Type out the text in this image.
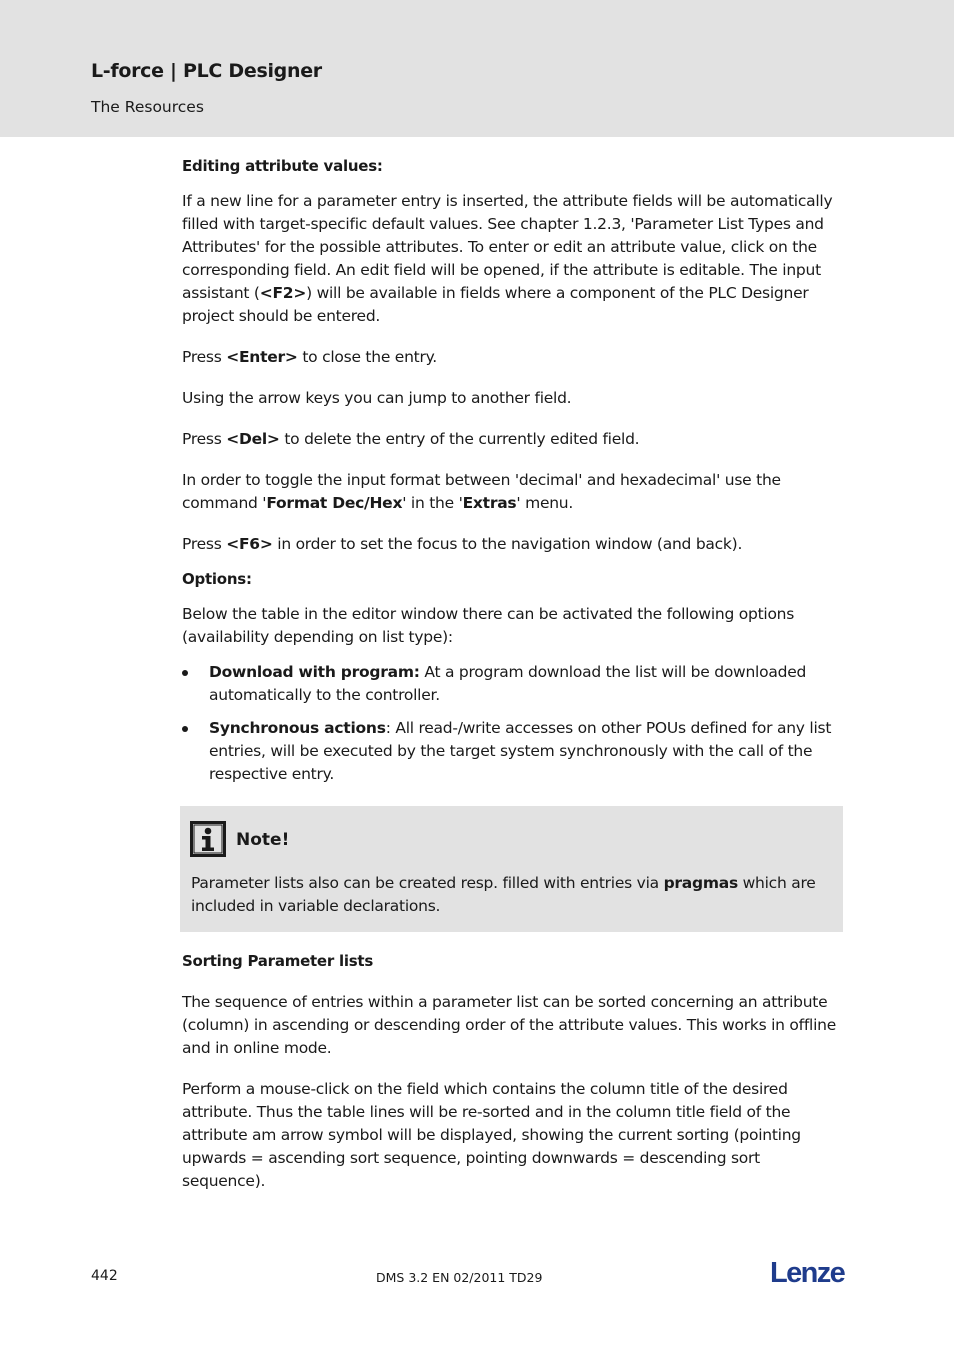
L-force | PLC Designer
The Resources

Editing attribute values:

If a new line for a parameter entry is inserted, the attribute fields will be automatically filled with target-specific default values. See chapter 1.2.3, 'Parameter List Types and Attributes' for the possible attributes. To enter or edit an attribute value, click on the corresponding field. An edit field will be opened, if the attribute is editable. The input assistant (<F2>) will be available in fields where a component of the PLC Designer project should be entered.

Press <Enter> to close the entry.

Using the arrow keys you can jump to another field.

Press <Del> to delete the entry of the currently edited field.

In order to toggle the input format between 'decimal' and hexadecimal' use the command 'Format Dec/Hex' in the 'Extras' menu.

Press <F6> in order to set the focus to the navigation window (and back).

Options:

Below the table in the editor window there can be activated the following options (availability depending on list type):

Download with program: At a program download the list will be downloaded automatically to the controller.
Synchronous actions: All read-/write accesses on other POUs defined for any list entries, will be executed by the target system synchronously with the call of the respective entry.
Note!
Parameter lists also can be created resp. filled with entries via pragmas which are included in variable declarations.

Sorting Parameter lists

The sequence of entries within a parameter list can be sorted concerning an attribute (column) in ascending or descending order of the attribute values. This works in offline and in online mode.

Perform a mouse-click on the field which contains the column title of the desired attribute. Thus the table lines will be re-sorted and in the column title field of the attribute am arrow symbol will be displayed, showing the current sorting (pointing upwards = ascending sort sequence, pointing downwards = descending sort sequence).

442	DMS 3.2 EN 02/2011 TD29	Lenze
